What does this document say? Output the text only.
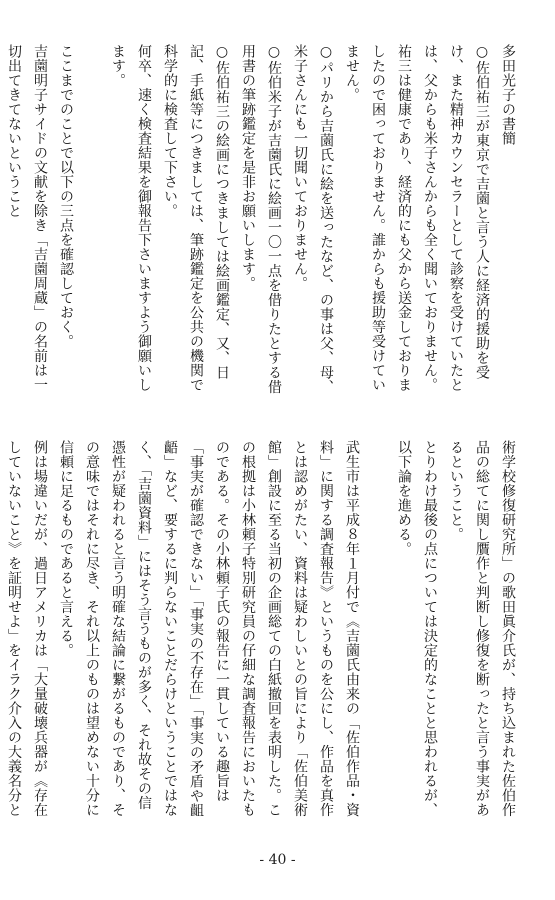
多田光子の書簡

○佐伯祐三が東京で吉薗と言う人に経済的援助を受け、また精神カウンセラーとして診察を受けていたとは、父からも米子さんからも全く聞いておりません。祐三は健康であり、経済的にも父から送金しておりましたので困っておりません。誰からも援助等受けていません。

○パリから吉薗氏に絵を送ったなど、の事は父、母、米子さんにも一切聞いておりません。

○佐伯米子が吉薗氏に絵画一〇一点を借りたとする借用書の筆跡鑑定を是非お願いします。

○佐伯祐三の絵画につきましては絵画鑑定、又、日記、手紙等につきましては、筆跡鑑定を公共の機関で科学的に検査して下さい。

何卒、速く検査結果を御報告下さいますよう御願いします。

ここまでのことで以下の三点を確認しておく。

吉薗明子サイドの文献を除き「吉薗周蔵」の名前は一切出てきてないということ

術学校修復研究所」の歌田眞介氏が、持ち込まれた佐伯作品の総てに関し贋作と判断し修復を断ったと言う事実があるということ。

とりわけ最後の点については決定的なことと思われるが、以下論を進める。

武生市は平成８年１月付で《吉薗氏由来の「佐伯作品・資料」に関する調査報告》というものを公にし、作品を真作とは認めがたい、資料は疑わしいとの旨により「佐伯美術館」創設に至る当初の企画総ての白紙撤回を表明した。この根拠は小林頼子特別研究員の仔細な調査報告においたものである。その小林頼子氏の報告に一貫している趣旨は「事実が確認できない」「事実の不存在」「事実の矛盾や齟齬」など、要するに判らないことだらけということではなく、「吉薗資料」にはそう言うものが多く、それ故その信憑性が疑われると言う明確な結論に繋がるものであり、その意味ではそれに尽き、それ以上のものは望めない十分に信頼に足るものであると言える。

例は場違いだが、過日アメリカは「大量破壊兵器が《存在していないこと》を証明せよ」をイラク介入の大義名分と

- 40 -
